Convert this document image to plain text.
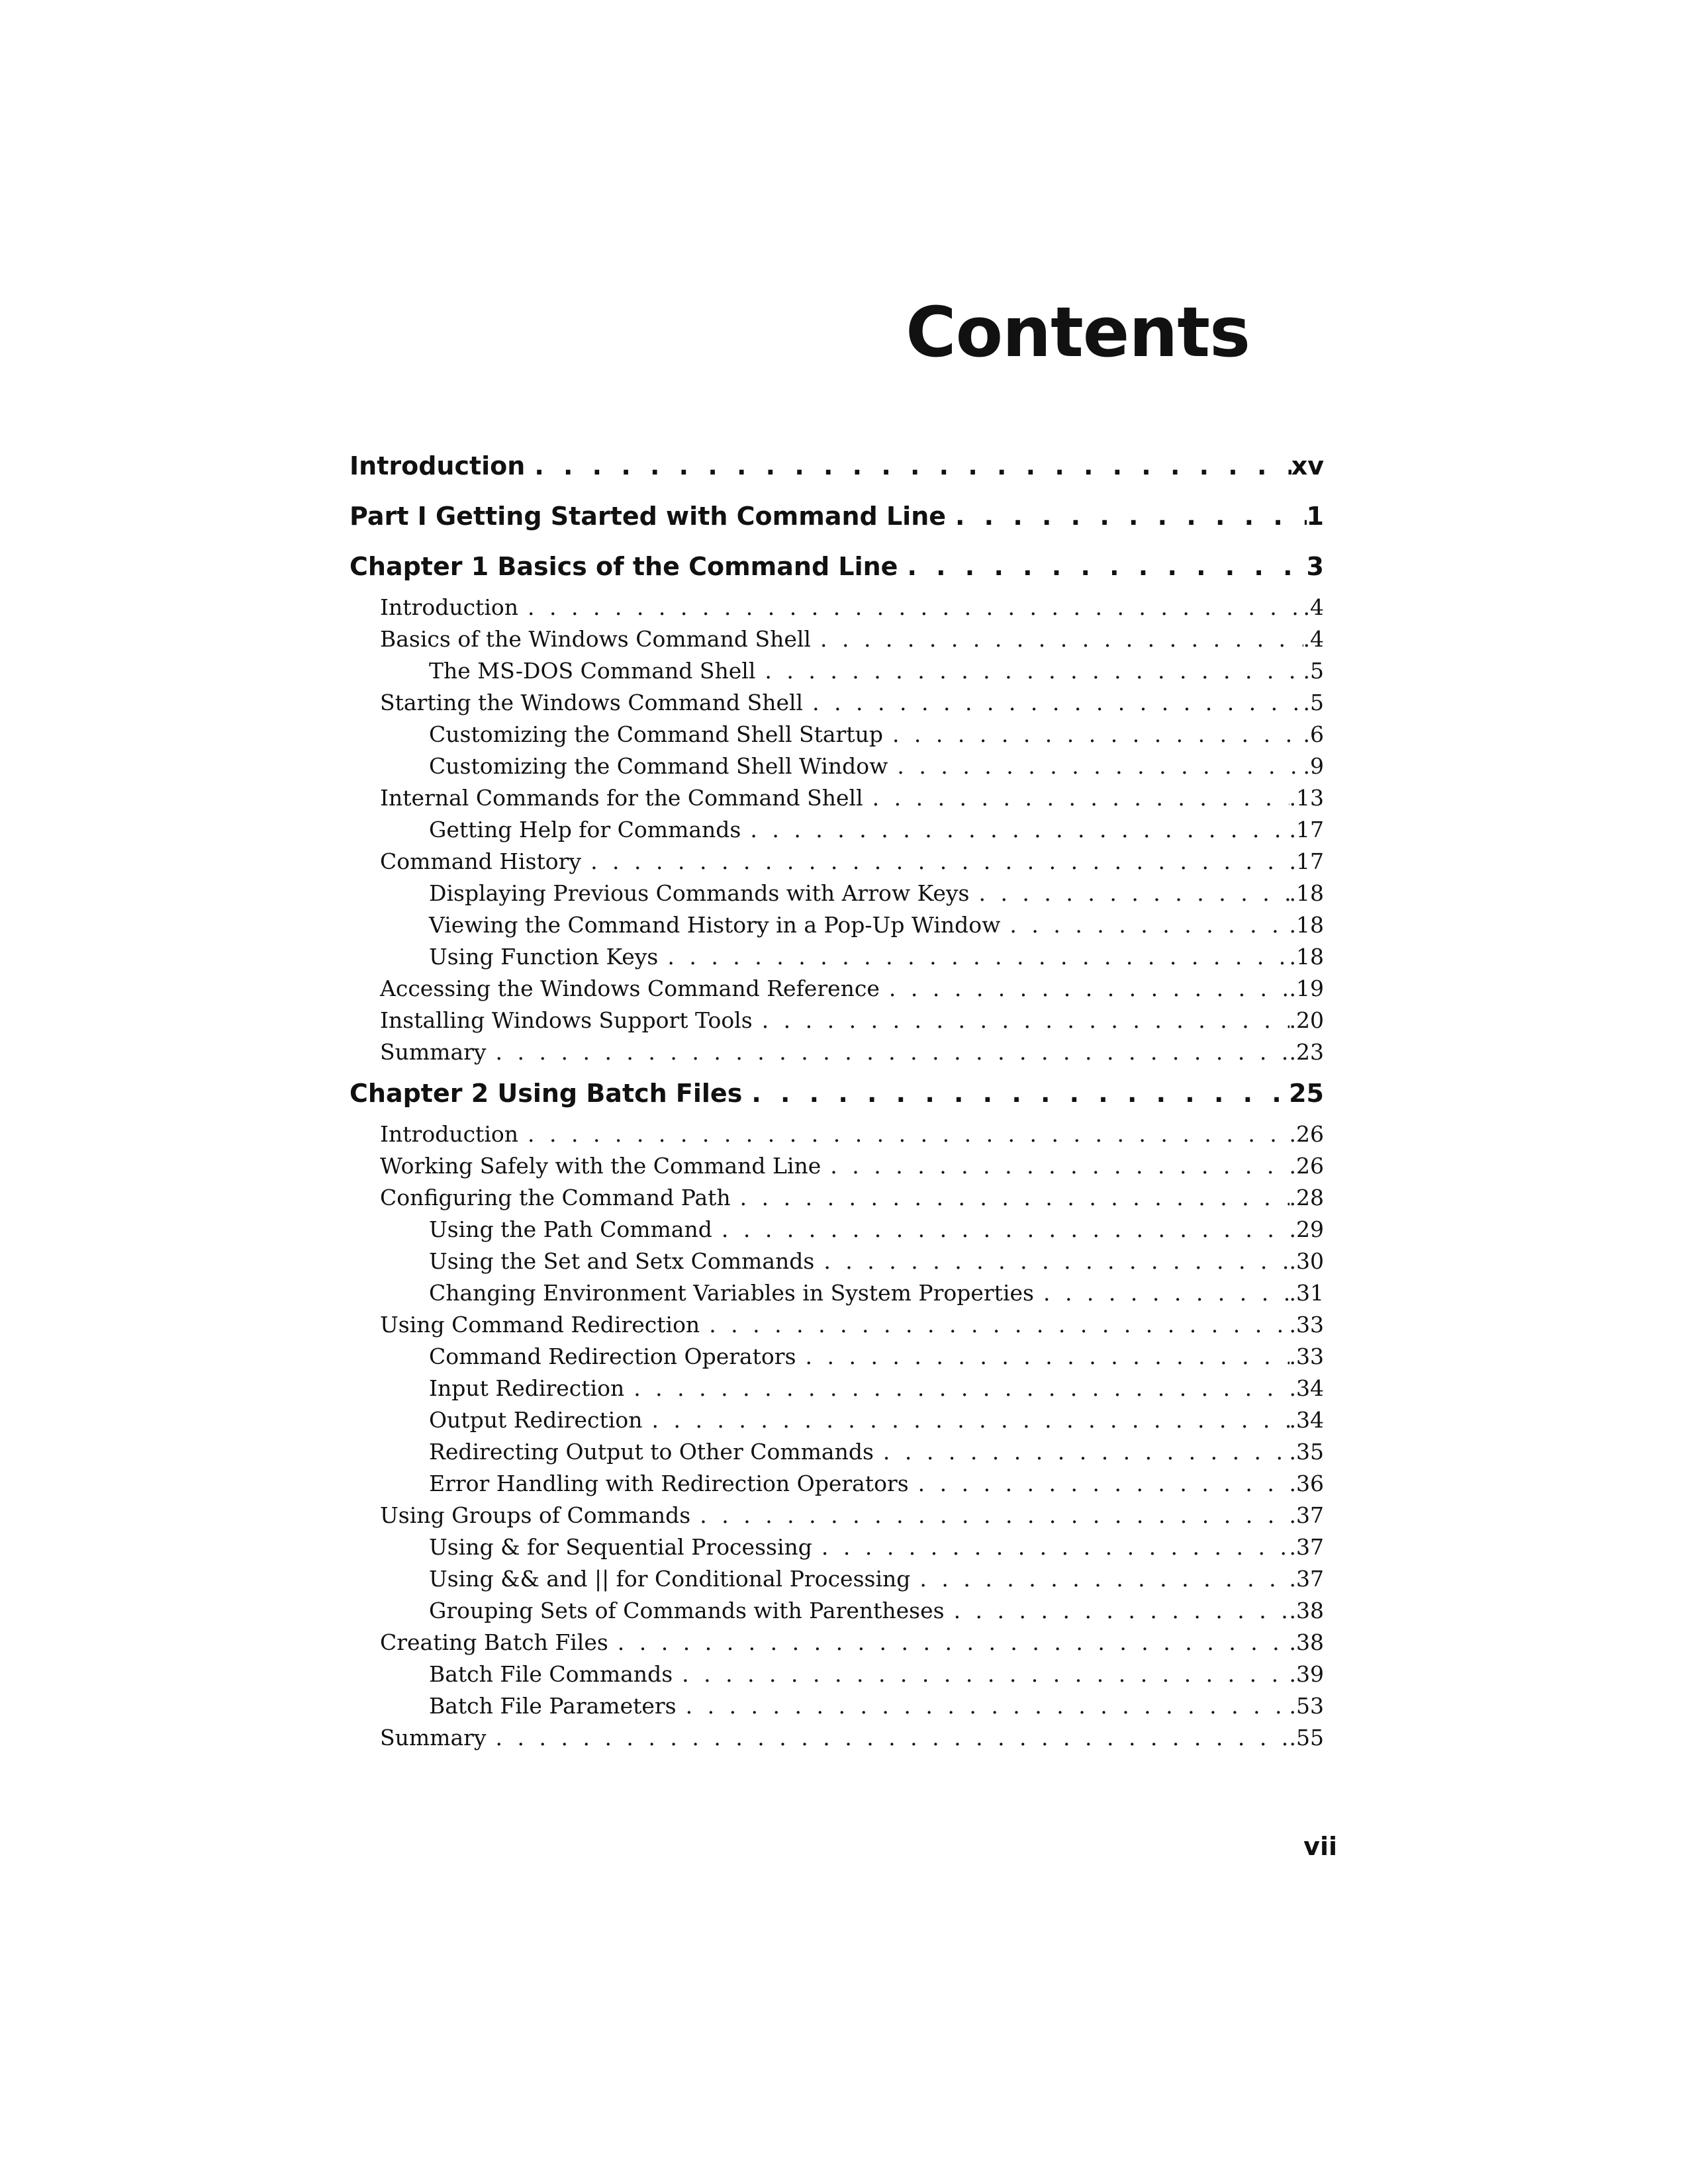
Contents
Introduction . . .	xv
Part I Getting Started with Command Line . . .	1
Chapter 1 Basics of the Command Line . . .	3
Introduction . . .	.4
Basics of the Windows Command Shell . . .	.4
The MS-DOS Command Shell . . .	.5
Starting the Windows Command Shell . . .	.5
Customizing the Command Shell Startup . . .	.6
Customizing the Command Shell Window . . .	.9
Internal Commands for the Command Shell . . .	.13
Getting Help for Commands . . .	.17
Command History . . .	.17
Displaying Previous Commands with Arrow Keys . . .	.18
Viewing the Command History in a Pop-Up Window . . .	.18
Using Function Keys . . .	.18
Accessing the Windows Command Reference . . .	.19
Installing Windows Support Tools . . .	.20
Summary . . .	.23
Chapter 2 Using Batch Files . . .	25
Introduction . . .	.26
Working Safely with the Command Line . . .	.26
Configuring the Command Path . . .	.28
Using the Path Command . . .	.29
Using the Set and Setx Commands . . .	.30
Changing Environment Variables in System Properties . . .	.31
Using Command Redirection . . .	.33
Command Redirection Operators . . .	.33
Input Redirection . . .	.34
Output Redirection . . .	.34
Redirecting Output to Other Commands . . .	.35
Error Handling with Redirection Operators . . .	.36
Using Groups of Commands . . .	.37
Using & for Sequential Processing . . .	.37
Using && and || for Conditional Processing . . .	.37
Grouping Sets of Commands with Parentheses . . .	.38
Creating Batch Files . . .	.38
Batch File Commands . . .	.39
Batch File Parameters . . .	.53
Summary . . .	.55

vii
